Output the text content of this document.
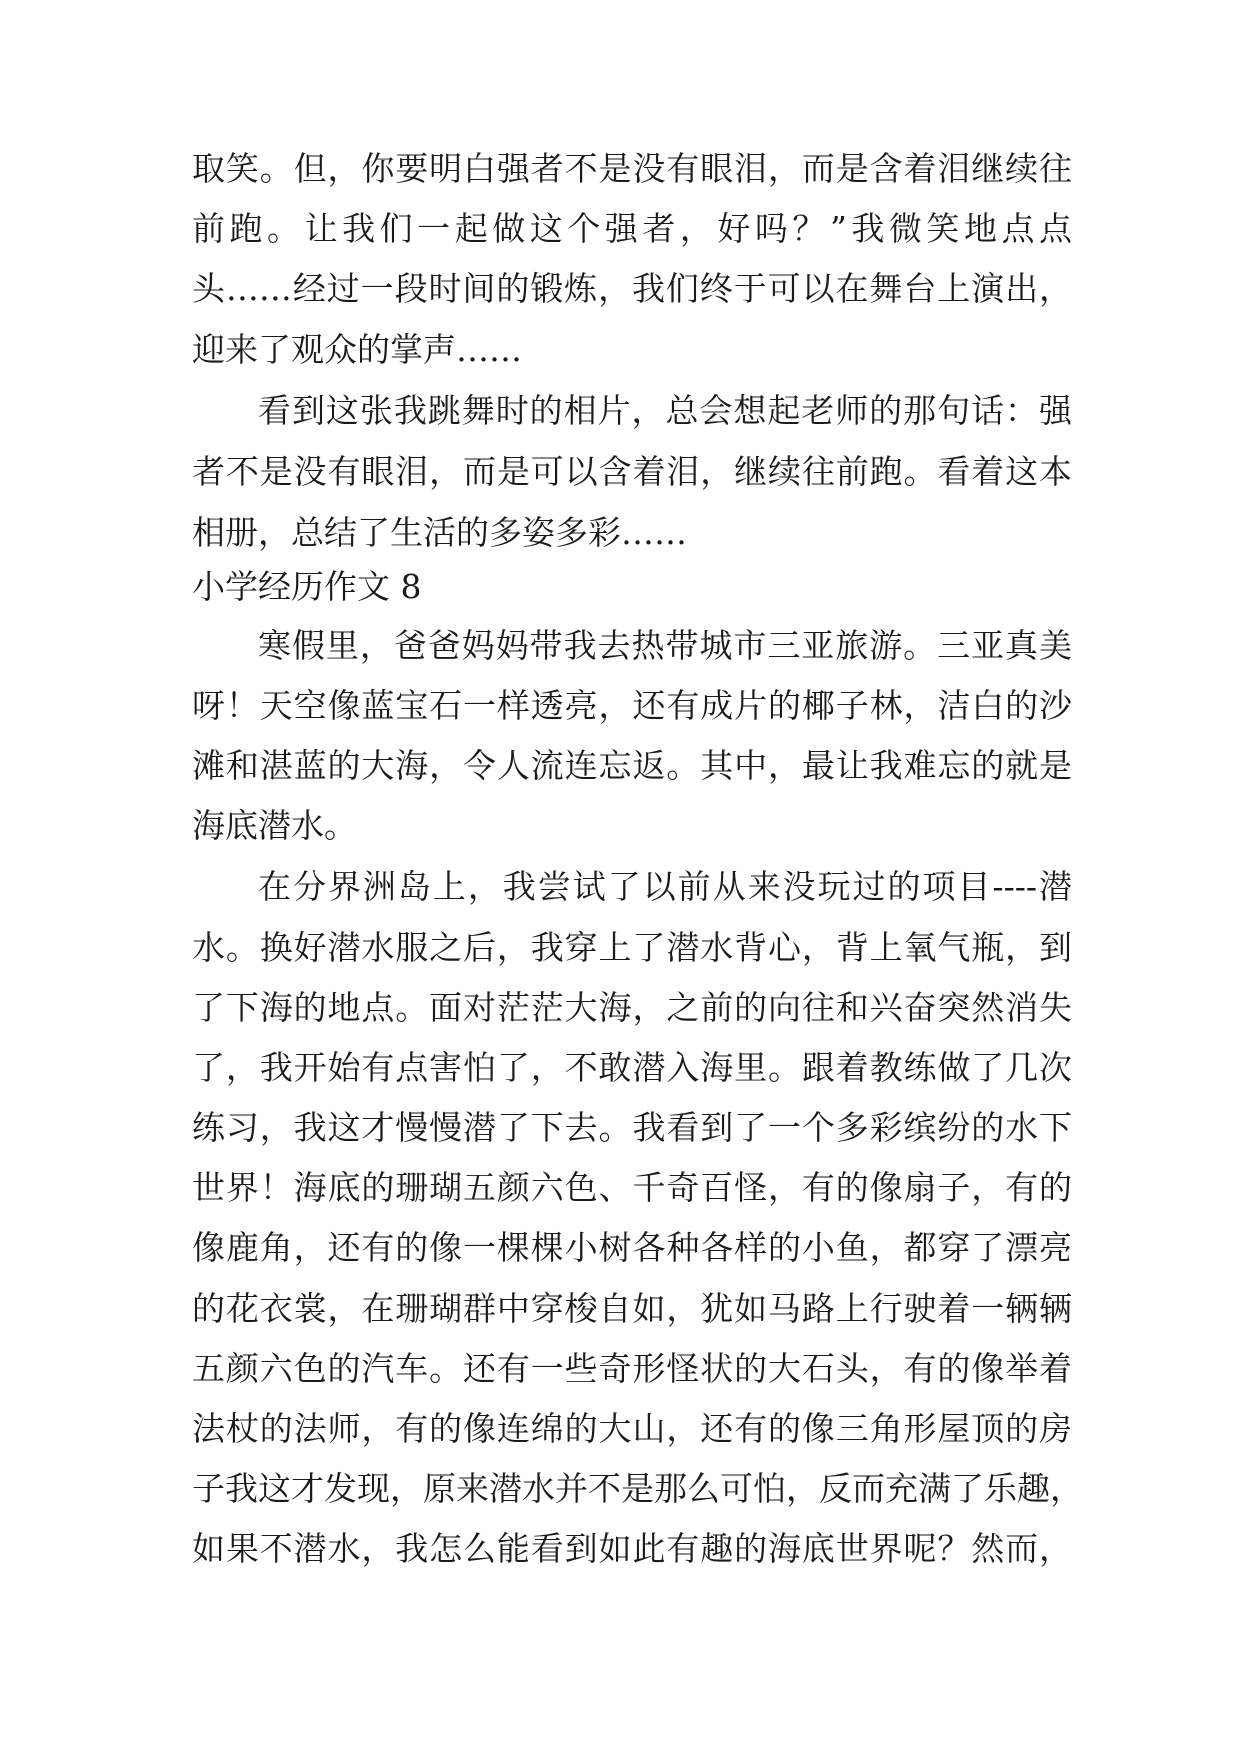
取笑。但，你要明白强者不是没有眼泪，而是含着泪继续往
前跑。让我们一起做这个强者，好吗？”我微笑地点点
头……经过一段时间的锻炼，我们终于可以在舞台上演出，
迎来了观众的掌声……
看到这张我跳舞时的相片，总会想起老师的那句话：强
者不是没有眼泪，而是可以含着泪，继续往前跑。看着这本
相册，总结了生活的多姿多彩……
小学经历作文 8
寒假里，爸爸妈妈带我去热带城市三亚旅游。三亚真美
呀！天空像蓝宝石一样透亮，还有成片的椰子林，洁白的沙
滩和湛蓝的大海，令人流连忘返。其中，最让我难忘的就是
海底潜水。
在分界洲岛上，我尝试了以前从来没玩过的项目----潜
水。换好潜水服之后，我穿上了潜水背心，背上氧气瓶，到
了下海的地点。面对茫茫大海，之前的向往和兴奋突然消失
了，我开始有点害怕了，不敢潜入海里。跟着教练做了几次
练习，我这才慢慢潜了下去。我看到了一个多彩缤纷的水下
世界！海底的珊瑚五颜六色、千奇百怪，有的像扇子，有的
像鹿角，还有的像一棵棵小树各种各样的小鱼，都穿了漂亮
的花衣裳，在珊瑚群中穿梭自如，犹如马路上行驶着一辆辆
五颜六色的汽车。还有一些奇形怪状的大石头，有的像举着
法杖的法师，有的像连绵的大山，还有的像三角形屋顶的房
子我这才发现，原来潜水并不是那么可怕，反而充满了乐趣，
如果不潜水，我怎么能看到如此有趣的海底世界呢？然而，
